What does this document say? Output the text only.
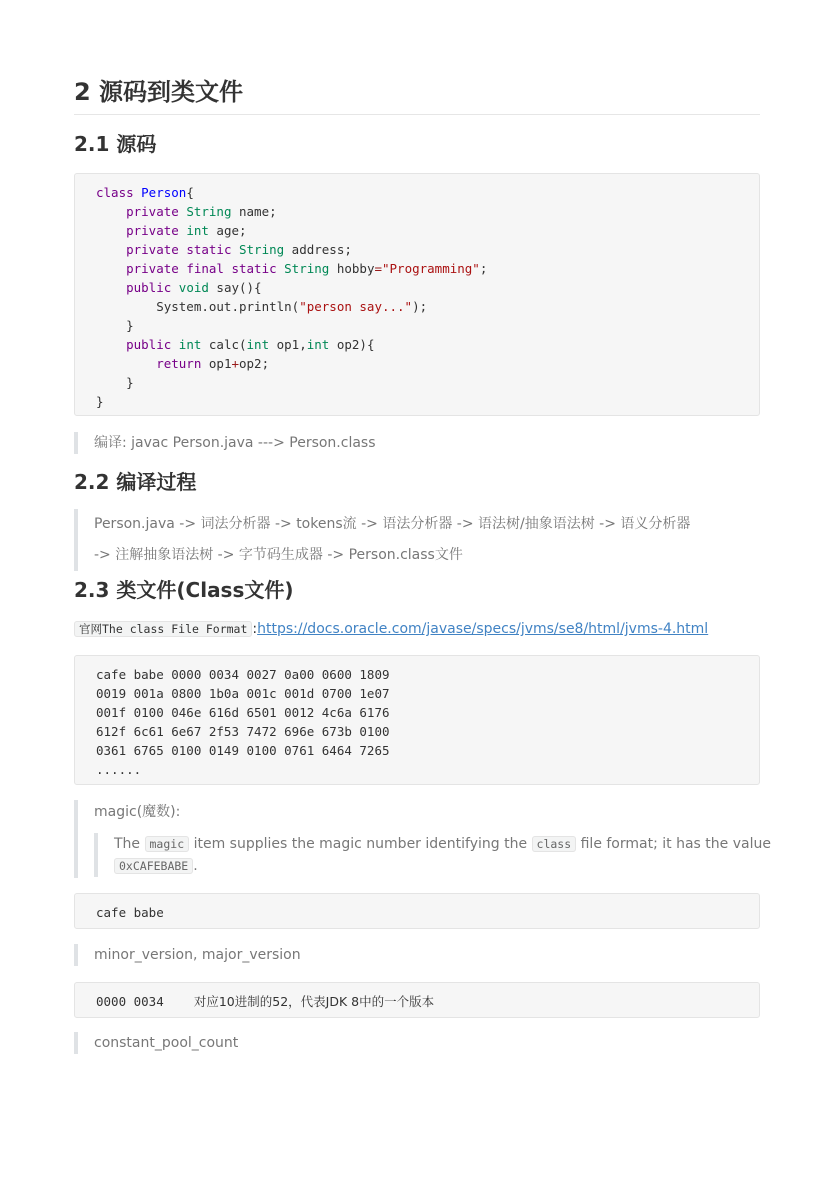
2 源码到类文件
2.1 源码
class Person{
private String name;
private int age;
private static String address;
private final static String hobby="Programming";
public void say(){
System.out.println("person say...");
}
public int calc(int op1,int op2){
return op1+op2;
}
}
编译: javac Person.java ---> Person.class
2.2 编译过程
Person.java -> 词法分析器 -> tokens流 -> 语法分析器 -> 语法树/抽象语法树 -> 语义分析器
-> 注解抽象语法树 -> 字节码生成器 -> Person.class文件
2.3 类文件(Class文件)
官网The class File Format :https://docs.oracle.com/javase/specs/jvms/se8/html/jvms-4.html
cafe babe 0000 0034 0027 0a00 0600 1809
0019 001a 0800 1b0a 001c 001d 0700 1e07
001f 0100 046e 616d 6501 0012 4c6a 6176
612f 6c61 6e67 2f53 7472 696e 673b 0100
0361 6765 0100 0149 0100 0761 6464 7265
......
magic(魔数):
The magic item supplies the magic number identifying the class file format; it has the value 0xCAFEBABE .
cafe babe
minor_version, major_version
0000 0034 对应10进制的52，代表JDK 8中的一个版本
constant_pool_count
